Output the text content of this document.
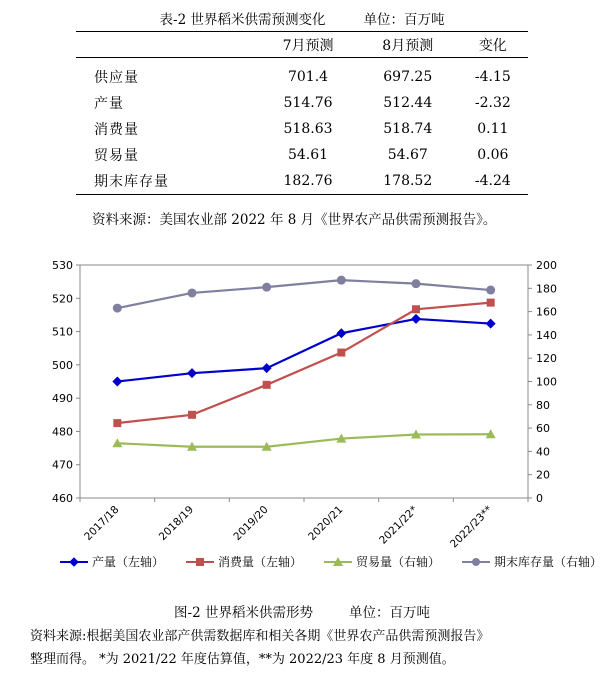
表-2 世界稻米供需预测变化	单位：百万吨
	7月预测	8月预测	变化
供应量	701.4	697.25	-4.15
产量	514.76	512.44	-2.32
消费量	518.63	518.74	0.11
贸易量	54.61	54.67	0.06
期末库存量	182.76	178.52	-4.24
资料来源：美国农业部 2022 年 8 月《世界农产品供需预测报告》。
460
470
480
490
500
510
520
530
0
20
40
60
80
100
120
140
160
180
200
2017/18	2018/19	2019/20	2020/21	2021/22*	2022/23**
产量（左轴）	消费量（左轴）	贸易量（右轴）	期末库存量（右轴）
图-2 世界稻米供需形势	单位：百万吨
资料来源:根据美国农业部产供需数据库和相关各期《世界农产品供需预测报告》
整理而得。 *为 2021/22 年度估算值，**为 2022/23 年度 8 月预测值。
